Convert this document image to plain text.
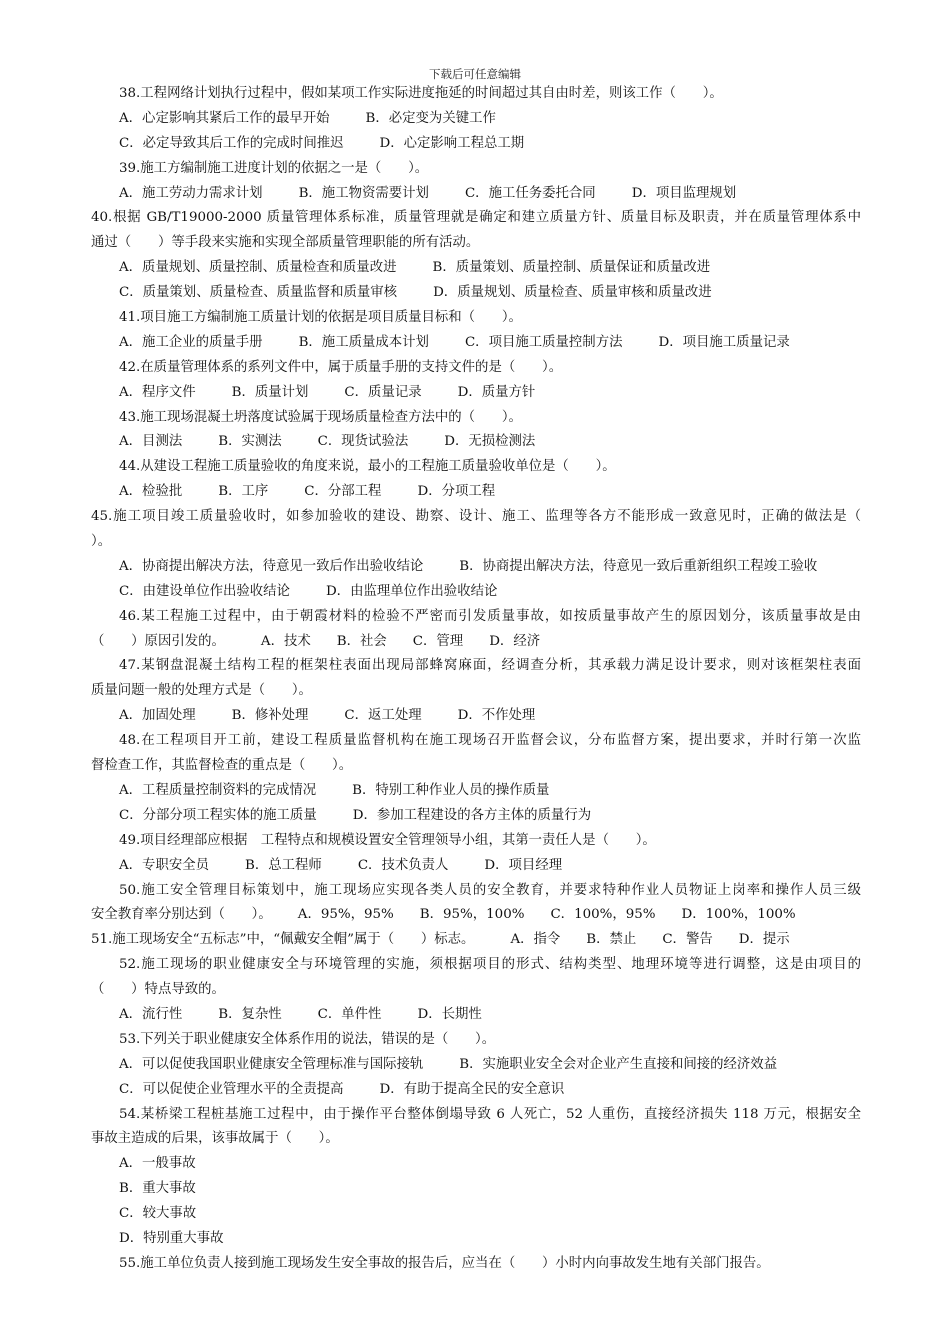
下载后可任意编辑
38.工程网络计划执行过程中，假如某项工作实际进度拖延的时间超过其自由时差，则该工作（　　）。
A．心定影响其紧后工作的最早开始	B．必定变为关键工作
C．必定导致其后工作的完成时间推迟	D．心定影响工程总工期
39.施工方编制施工进度计划的依据之一是（　　）。
A．施工劳动力需求计划	B．施工物资需要计划	C．施工任务委托合同	D．项目监理规划
40.根据 GB/T19000-2000 质量管理体系标准，质量管理就是确定和建立质量方针、质量目标及职责，并在质量管理体系中
通过（　　）等手段来实施和实现全部质量管理职能的所有活动。
A．质量规划、质量控制、质量检查和质量改进	B．质量策划、质量控制、质量保证和质量改进
C．质量策划、质量检查、质量监督和质量审核	D．质量规划、质量检查、质量审核和质量改进
41.项目施工方编制施工质量计划的依据是项目质量目标和（　　）。
A．施工企业的质量手册	B．施工质量成本计划	C．项目施工质量控制方法	D．项目施工质量记录
42.在质量管理体系的系列文件中，属于质量手册的支持文件的是（　　）。
A．程序文件	B．质量计划	C．质量记录	D．质量方针
43.施工现场混凝土坍落度试验属于现场质量检查方法中的（　　）。
A．目测法	B．实测法	C．现货试验法	D．无损检测法
44.从建设工程施工质量验收的角度来说，最小的工程施工质量验收单位是（　　）。
A．检验批	B．工序	C．分部工程	D．分项工程
45.施工项目竣工质量验收时，如参加验收的建设、勘察、设计、施工、监理等各方不能形成一致意见时，正确的做法是（
）。
A．协商提出解决方法，待意见一致后作出验收结论	B．协商提出解决方法，待意见一致后重新组织工程竣工验收
C．由建设单位作出验收结论	D．由监理单位作出验收结论
46.某工程施工过程中，由于朝霞材料的检验不严密而引发质量事故，如按质量事故产生的原因划分，该质量事故是由
（　　）原因引发的。	A．技术 B．社会 C．管理 D．经济
47.某钢盘混凝土结构工程的框架柱表面出现局部蜂窝麻面，经调查分析，其承载力满足设计要求，则对该框架柱表面
质量问题一般的处理方式是（　　）。
A．加固处理	B．修补处理	C．返工处理	D．不作处理
48.在工程项目开工前，建设工程质量监督机构在施工现场召开监督会议，分布监督方案，提出要求，并时行第一次监
督检查工作，其监督检查的重点是（　　）。
A．工程质量控制资料的完成情况	B．特别工种作业人员的操作质量
C．分部分项工程实体的施工质量	D．参加工程建设的各方主体的质量行为
49.项目经理部应根据　工程特点和规模设置安全管理领导小组，其第一责任人是（　　）。
A．专职安全员	B．总工程师	C．技术负责人	D．项目经理
50.施工安全管理目标策划中，施工现场应实现各类人员的安全教育，并要求特种作业人员物证上岗率和操作人员三级
安全教育率分别达到（　　）。 A．95%，95% B．95%，100% C．100%，95% D．100%，100%
51.施工现场安全“五标志”中，“佩戴安全帽”属于（　　）标志。	A．指令 B．禁止 C．警告 D．提示
52.施工现场的职业健康安全与环境管理的实施，须根据项目的形式、结构类型、地理环境等进行调整，这是由项目的
（　　）特点导致的。
A．流行性	B．复杂性	C．单件性	D．长期性
53.下列关于职业健康安全体系作用的说法，错误的是（　　）。
A．可以促使我国职业健康安全管理标准与国际接轨	B．实施职业安全会对企业产生直接和间接的经济效益
C．可以促使企业管理水平的全责提高	D．有助于提高全民的安全意识
54.某桥梁工程桩基施工过程中，由于操作平台整体倒塌导致 6 人死亡，52 人重伤，直接经济损失 118 万元，根据安全
事故主造成的后果，该事故属于（　　）。
A．一般事故
B．重大事故
C．较大事故
D．特别重大事故
55.施工单位负责人接到施工现场发生安全事故的报告后，应当在（　　）小时内向事故发生地有关部门报告。
